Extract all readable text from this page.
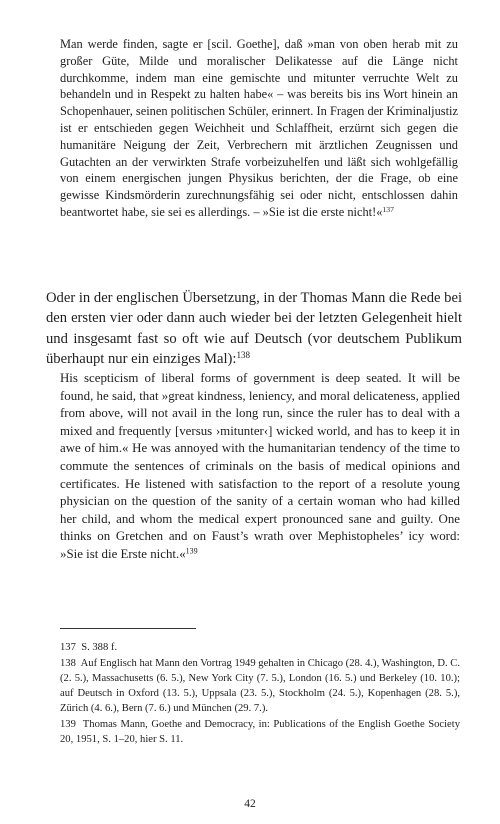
Man werde finden, sagte er [scil. Goethe], daß »man von oben herab mit zu großer Güte, Milde und moralischer Delikatesse auf die Länge nicht durchkomme, indem man eine gemischte und mitunter verruchte Welt zu behandeln und in Respekt zu halten habe« – was bereits bis ins Wort hinein an Schopenhauer, seinen politischen Schüler, erinnert. In Fragen der Kriminaljustiz ist er entschieden gegen Weichheit und Schlaffheit, erzürnt sich gegen die humanitäre Neigung der Zeit, Verbrechern mit ärztlichen Zeugnissen und Gutachten an der verwirkten Strafe vorbeizuhelfen und läßt sich wohlgefällig von einem energischen jungen Physikus berichten, der die Frage, ob eine gewisse Kindsmörderin zurechnungsfähig sei oder nicht, entschlossen dahin beantwortet habe, sie sei es allerdings. – »Sie ist die erste nicht!«$^{137}$

Oder in der englischen Übersetzung, in der Thomas Mann die Rede bei den ersten vier oder dann auch wieder bei der letzten Gelegenheit hielt und insgesamt fast so oft wie auf Deutsch (vor deutschem Publikum überhaupt nur ein einziges Mal):$^{138}$

His scepticism of liberal forms of government is deep seated. It will be found, he said, that »great kindness, leniency, and moral delicateness, applied from above, will not avail in the long run, since the ruler has to deal with a mixed and frequently [versus ›mitunter‹] wicked world, and has to keep it in awe of him.« He was annoyed with the humanitarian tendency of the time to commute the sentences of criminals on the basis of medical opinions and certificates. He listened with satisfaction to the report of a resolute young physician on the question of the sanity of a certain woman who had killed her child, and whom the medical expert pronounced sane and guilty. One thinks on Gretchen and on Faust’s wrath over Mephistopheles’ icy word: »Sie ist die Erste nicht.«$^{139}$

137 S. 388 f.

138 Auf Englisch hat Mann den Vortrag 1949 gehalten in Chicago (28. 4.), Washington, D. C. (2. 5.), Massachusetts (6. 5.), New York City (7. 5.), London (16. 5.) und Berkeley (10. 10.); auf Deutsch in Oxford (13. 5.), Uppsala (23. 5.), Stockholm (24. 5.), Kopenhagen (28. 5.), Zürich (4. 6.), Bern (7. 6.) und München (29. 7.).

139 Thomas Mann, Goethe and Democracy, in: Publications of the English Goethe Society 20, 1951, S. 1–20, hier S. 11.

42
